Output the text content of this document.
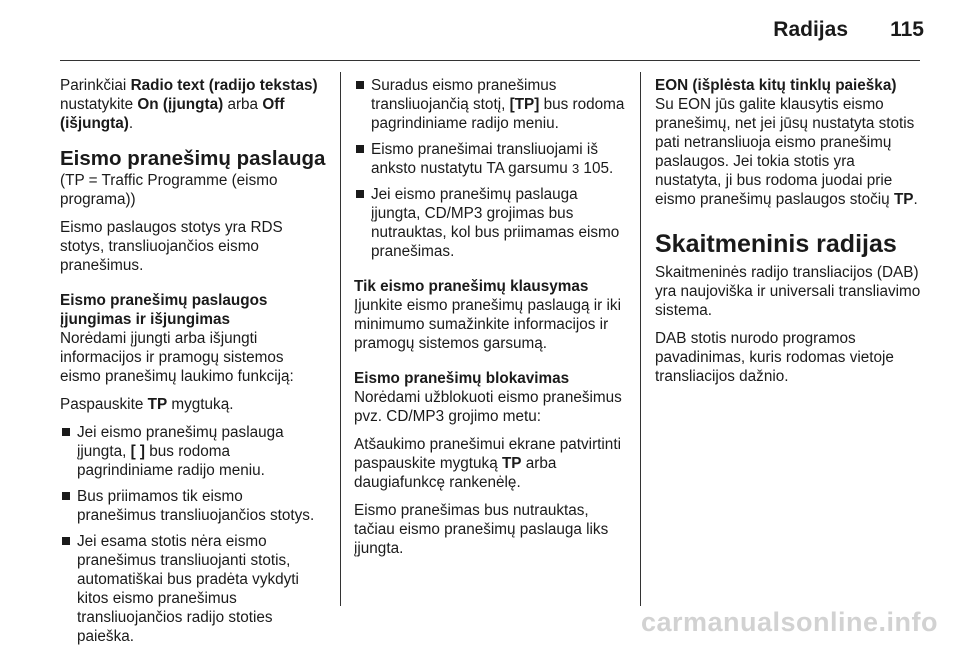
Radijas 115

Parinkčiai Radio text (radijo tekstas) nustatykite On (įjungta) arba Off (išjungta).

Eismo pranešimų paslauga

(TP = Traffic Programme (eismo programa))

Eismo paslaugos stotys yra RDS stotys, transliuojančios eismo pranešimus.

Eismo pranešimų paslaugos įjungimas ir išjungimas

Norėdami įjungti arba išjungti informacijos ir pramogų sistemos eismo pranešimų laukimo funkciją:

Paspauskite TP mygtuką.

Jei eismo pranešimų paslauga įjungta, [ ] bus rodoma pagrindiniame radijo meniu.
Bus priimamos tik eismo pranešimus transliuojančios stotys.
Jei esama stotis nėra eismo pranešimus transliuojanti stotis, automatiškai bus pradėta vykdyti kitos eismo pranešimus transliuojančios radijo stoties paieška.
Suradus eismo pranešimus transliuojančią stotį, [TP] bus rodoma pagrindiniame radijo meniu.
Eismo pranešimai transliuojami iš anksto nustatytu TA garsumu 3 105.
Jei eismo pranešimų paslauga įjungta, CD/MP3 grojimas bus nutrauktas, kol bus priimamas eismo pranešimas.
Tik eismo pranešimų klausymas

Įjunkite eismo pranešimų paslaugą ir iki minimumo sumažinkite informacijos ir pramogų sistemos garsumą.

Eismo pranešimų blokavimas

Norėdami užblokuoti eismo pranešimus pvz. CD/MP3 grojimo metu:

Atšaukimo pranešimui ekrane patvirtinti paspauskite mygtuką TP arba daugiafunkcę rankenėlę.

Eismo pranešimas bus nutrauktas, tačiau eismo pranešimų paslauga liks įjungta.

EON (išplėsta kitų tinklų paieška)

Su EON jūs galite klausytis eismo pranešimų, net jei jūsų nustatyta stotis pati netransliuoja eismo pranešimų paslaugos. Jei tokia stotis yra nustatyta, ji bus rodoma juodai prie eismo pranešimų paslaugos stočių TP.

Skaitmeninis radijas

Skaitmeninės radijo transliacijos (DAB) yra naujoviška ir universali transliavimo sistema.

DAB stotis nurodo programos pavadinimas, kuris rodomas vietoje transliacijos dažnio.

carmanualsonline.info
